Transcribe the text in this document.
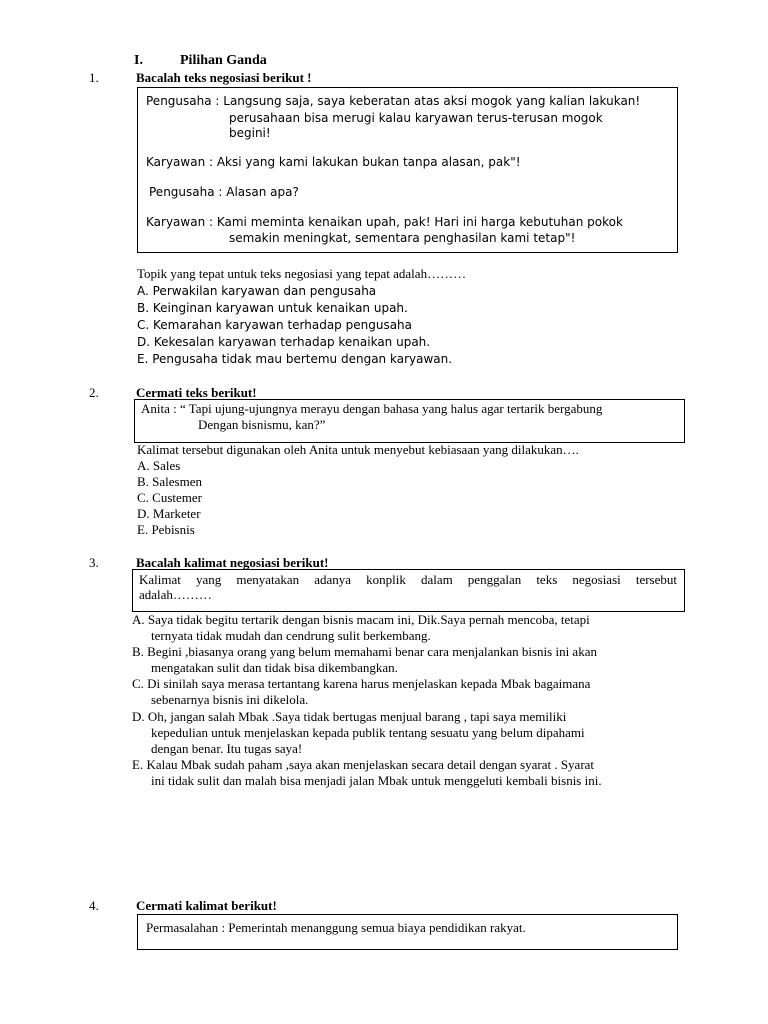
I.	Pilihan Ganda
1.	Bacalah teks negosiasi berikut !
Pengusaha : Langsung saja, saya keberatan atas aksi mogok yang kalian lakukan!
perusahaan bisa merugi kalau karyawan terus-terusan mogok
begini!
Karyawan : Aksi yang kami lakukan bukan tanpa alasan, pak"!
Pengusaha : Alasan apa?
Karyawan : Kami meminta kenaikan upah, pak! Hari ini harga kebutuhan pokok
semakin meningkat, sementara penghasilan kami tetap"!
Topik yang tepat untuk teks negosiasi yang tepat adalah………
A. Perwakilan karyawan dan pengusaha
B. Keinginan karyawan untuk kenaikan upah.
C. Kemarahan karyawan terhadap pengusaha
D. Kekesalan karyawan terhadap kenaikan upah.
E. Pengusaha tidak mau bertemu dengan karyawan.
2.	Cermati teks berikut!
Anita : “ Tapi ujung-ujungnya merayu dengan bahasa yang halus agar tertarik bergabung
Dengan bisnismu, kan?”
Kalimat tersebut digunakan oleh Anita untuk menyebut kebiasaan yang dilakukan….
A. Sales
B. Salesmen
C. Custemer
D. Marketer
E. Pebisnis
3.	Bacalah kalimat negosiasi berikut!
Kalimat yang menyatakan adanya konplik dalam penggalan teks negosiasi tersebut
adalah………
A. Saya tidak begitu tertarik dengan bisnis macam ini, Dik.Saya pernah mencoba, tetapi
ternyata tidak mudah dan cendrung sulit berkembang.
B. Begini ,biasanya orang yang belum memahami benar cara menjalankan bisnis ini akan
mengatakan sulit dan tidak bisa dikembangkan.
C. Di sinilah saya merasa tertantang karena harus menjelaskan kepada Mbak bagaimana
sebenarnya bisnis ini dikelola.
D. Oh, jangan salah Mbak .Saya tidak bertugas menjual barang , tapi saya memiliki
kepedulian untuk menjelaskan kepada publik tentang sesuatu yang belum dipahami
dengan benar. Itu tugas saya!
E. Kalau Mbak sudah paham ,saya akan menjelaskan secara detail dengan syarat . Syarat
ini tidak sulit dan malah bisa menjadi jalan Mbak untuk menggeluti kembali bisnis ini.
4.	Cermati kalimat berikut!
Permasalahan : Pemerintah menanggung semua biaya pendidikan rakyat.
